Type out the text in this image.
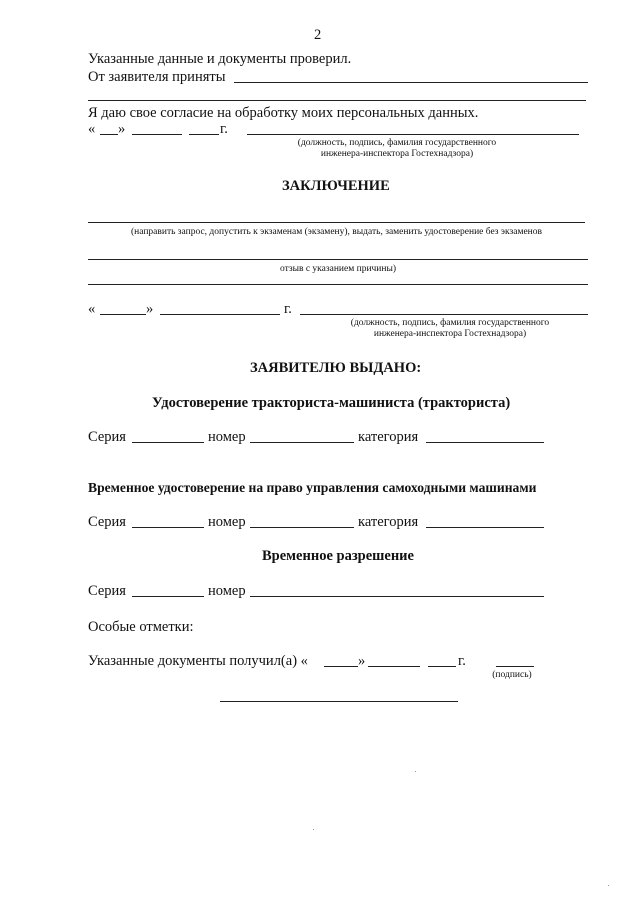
2
Указанные данные и документы проверил.
От заявителя приняты
Я даю свое согласие на обработку моих персональных данных.
« »	г.
(должность, подпись, фамилия государственного
инженера-инспектора Гостехнадзора)
ЗАКЛЮЧЕНИЕ
(направить запрос, допустить к экзаменам (экзамену), выдать, заменить удостоверение без экзаменов
отзыв с указанием причины)
«	»	г.
(должность, подпись, фамилия государственного
инженера-инспектора Гостехнадзора)
ЗАЯВИТЕЛЮ ВЫДАНО:
Удостоверение тракториста-машиниста (тракториста)
Серия	номер	категория
Временное удостоверение на право управления самоходными машинами
Серия	номер	категория
Временное разрешение
Серия	номер
Особые отметки:
Указанные документы получил(а) «	»	г.
(подпись)
